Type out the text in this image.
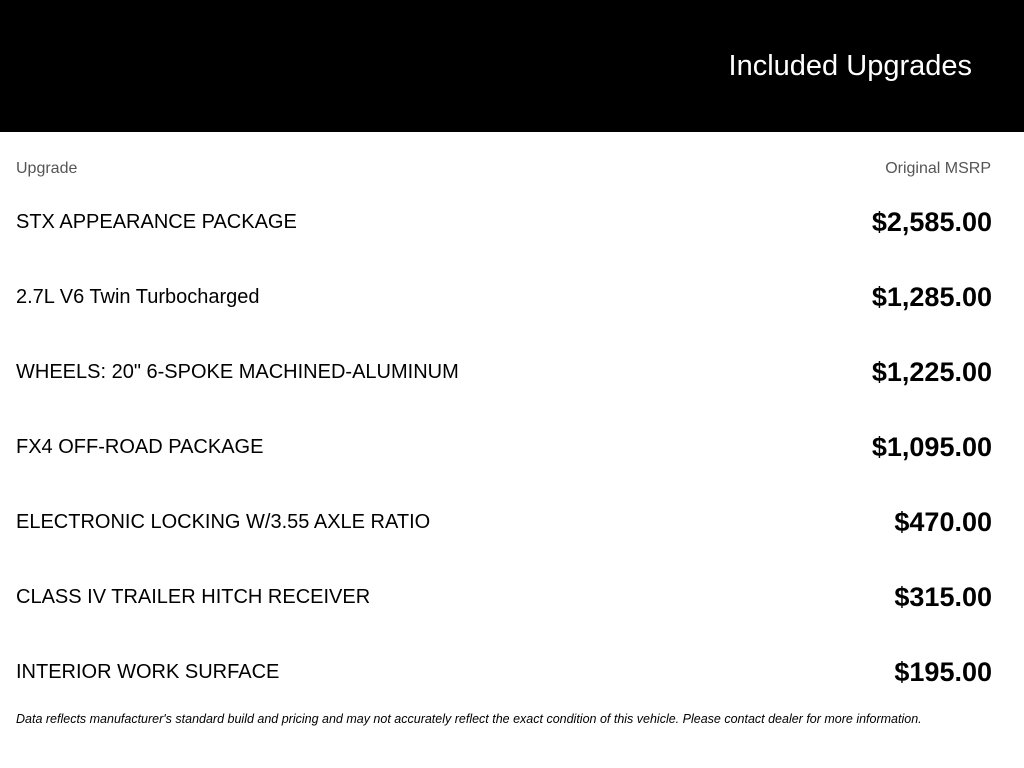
Included Upgrades
Upgrade	Original MSRP
STX APPEARANCE PACKAGE	$2,585.00
2.7L V6 Twin Turbocharged	$1,285.00
WHEELS: 20" 6-SPOKE MACHINED-ALUMINUM	$1,225.00
FX4 OFF-ROAD PACKAGE	$1,095.00
ELECTRONIC LOCKING W/3.55 AXLE RATIO	$470.00
CLASS IV TRAILER HITCH RECEIVER	$315.00
INTERIOR WORK SURFACE	$195.00
Data reflects manufacturer's standard build and pricing and may not accurately reflect the exact condition of this vehicle. Please contact dealer for more information.
